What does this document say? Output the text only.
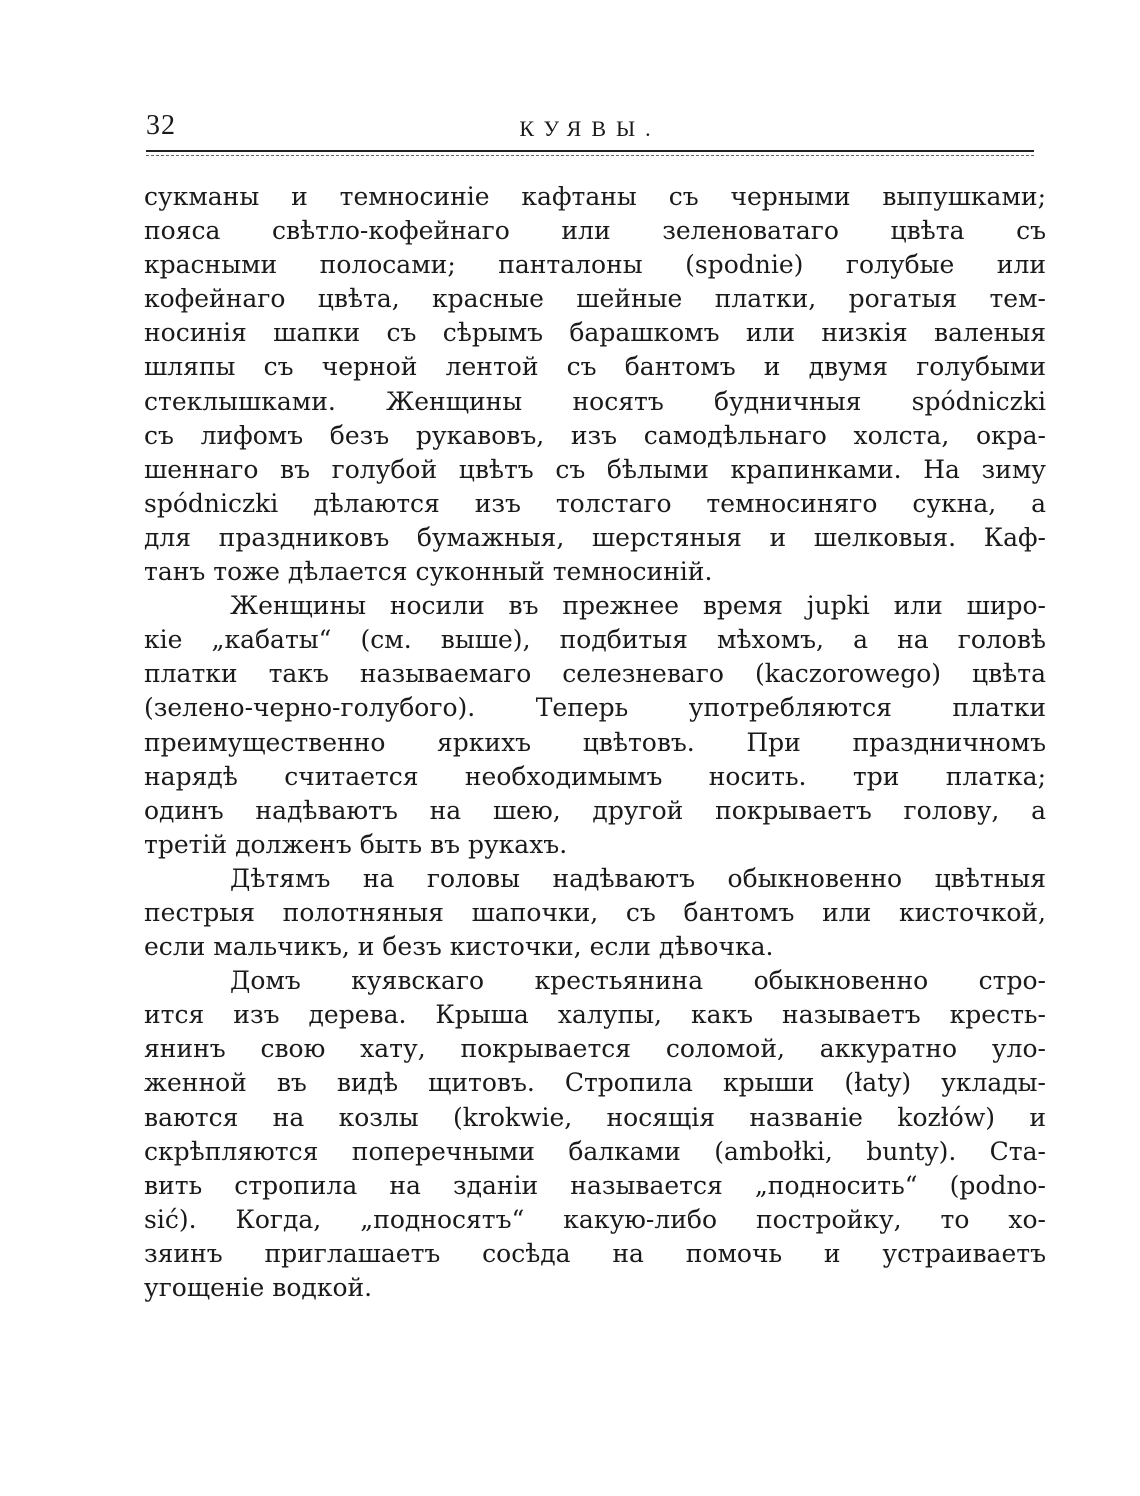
32	КУЯВЫ.
сукманы и темносиніе кафтаны съ черными выпушками;
пояса свѣтло-кофейнаго или зеленоватаго цвѣта съ
красными полосами; панталоны (spodnie) голубые или
кофейнаго цвѣта, красные шейные платки, рогатыя тем-
носинія шапки съ сѣрымъ барашкомъ или низкія валеныя
шляпы съ черной лентой съ бантомъ и двумя голубыми
стеклышками. Женщины носятъ будничныя spódniczki
съ лифомъ безъ рукавовъ, изъ самодѣльнаго холста, окра-
шеннаго въ голубой цвѣтъ съ бѣлыми крапинками. На зиму
spódniczki дѣлаются изъ толстаго темносиняго сукна, а
для праздниковъ бумажныя, шерстяныя и шелковыя. Каф-
танъ тоже дѣлается суконный темносиній.
Женщины носили въ прежнее время jupki или широ-
кіе „кабаты“ (см. выше), подбитыя мѣхомъ, а на головѣ
платки такъ называемаго селезневаго (kaczorowego) цвѣта
(зелено-черно-голубого). Теперь употребляются платки
преимущественно яркихъ цвѣтовъ. При праздничномъ
нарядѣ считается необходимымъ носить. три платка;
одинъ надѣваютъ на шею, другой покрываетъ голову, а
третій долженъ быть въ рукахъ.
Дѣтямъ на головы надѣваютъ обыкновенно цвѣтныя
пестрыя полотняныя шапочки, съ бантомъ или кисточкой,
если мальчикъ, и безъ кисточки, если дѣвочка.
Домъ куявскаго крестьянина обыкновенно стро-
ится изъ дерева. Крыша халупы, какъ называетъ кресть-
янинъ свою хату, покрывается соломой, аккуратно уло-
женной въ видѣ щитовъ. Стропила крыши (łaty) уклады-
ваются на козлы (krokwie, носящія названіе kozłów) и
скрѣпляются поперечными балками (ambołki, bunty). Ста-
вить стропила на зданіи называется „подносить“ (podno-
sić). Когда, „подносятъ“ какую-либо постройку, то хо-
зяинъ приглашаетъ сосѣда на помочь и устраиваетъ
угощеніе водкой.
